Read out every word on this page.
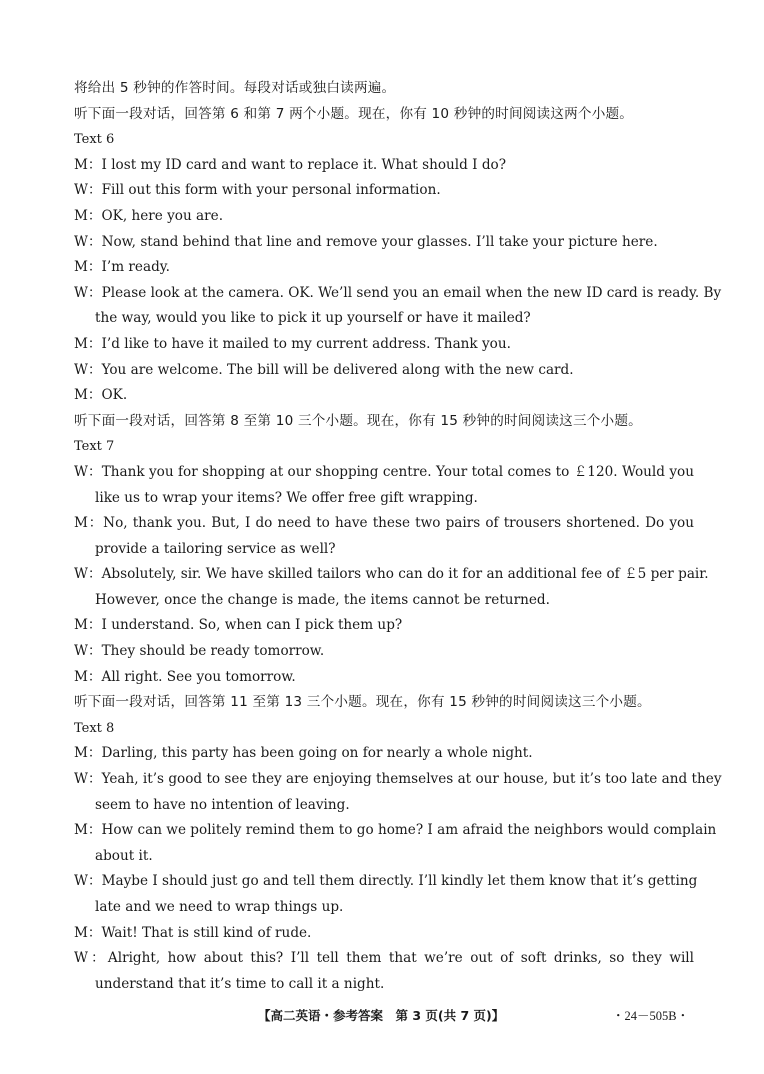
将给出 5 秒钟的作答时间。每段对话或独白读两遍。
听下面一段对话，回答第 6 和第 7 两个小题。现在，你有 10 秒钟的时间阅读这两个小题。
Text 6
M：I lost my ID card and want to replace it. What should I do?
W：Fill out this form with your personal information.
M：OK, here you are.
W：Now, stand behind that line and remove your glasses. I’ll take your picture here.
M：I’m ready.
W：Please look at the camera. OK. We’ll send you an email when the new ID card is ready. By
the way, would you like to pick it up yourself or have it mailed?
M：I’d like to have it mailed to my current address. Thank you.
W：You are welcome. The bill will be delivered along with the new card.
M：OK.
听下面一段对话，回答第 8 至第 10 三个小题。现在，你有 15 秒钟的时间阅读这三个小题。
Text 7
W：Thank you for shopping at our shopping centre. Your total comes to ￡120. Would you
like us to wrap your items? We offer free gift wrapping.
M：No, thank you. But, I do need to have these two pairs of trousers shortened. Do you
provide a tailoring service as well?
W：Absolutely, sir. We have skilled tailors who can do it for an additional fee of ￡5 per pair.
However, once the change is made, the items cannot be returned.
M：I understand. So, when can I pick them up?
W：They should be ready tomorrow.
M：All right. See you tomorrow.
听下面一段对话，回答第 11 至第 13 三个小题。现在，你有 15 秒钟的时间阅读这三个小题。
Text 8
M：Darling, this party has been going on for nearly a whole night.
W：Yeah, it’s good to see they are enjoying themselves at our house, but it’s too late and they
seem to have no intention of leaving.
M：How can we politely remind them to go home? I am afraid the neighbors would complain
about it.
W：Maybe I should just go and tell them directly. I’ll kindly let them know that it’s getting
late and we need to wrap things up.
M：Wait! That is still kind of rude.
W：Alright, how about this? I’ll tell them that we’re out of soft drinks, so they will
understand that it’s time to call it a night.
【高二英语・参考答案　第 3 页(共 7 页)】	・24－505B・
